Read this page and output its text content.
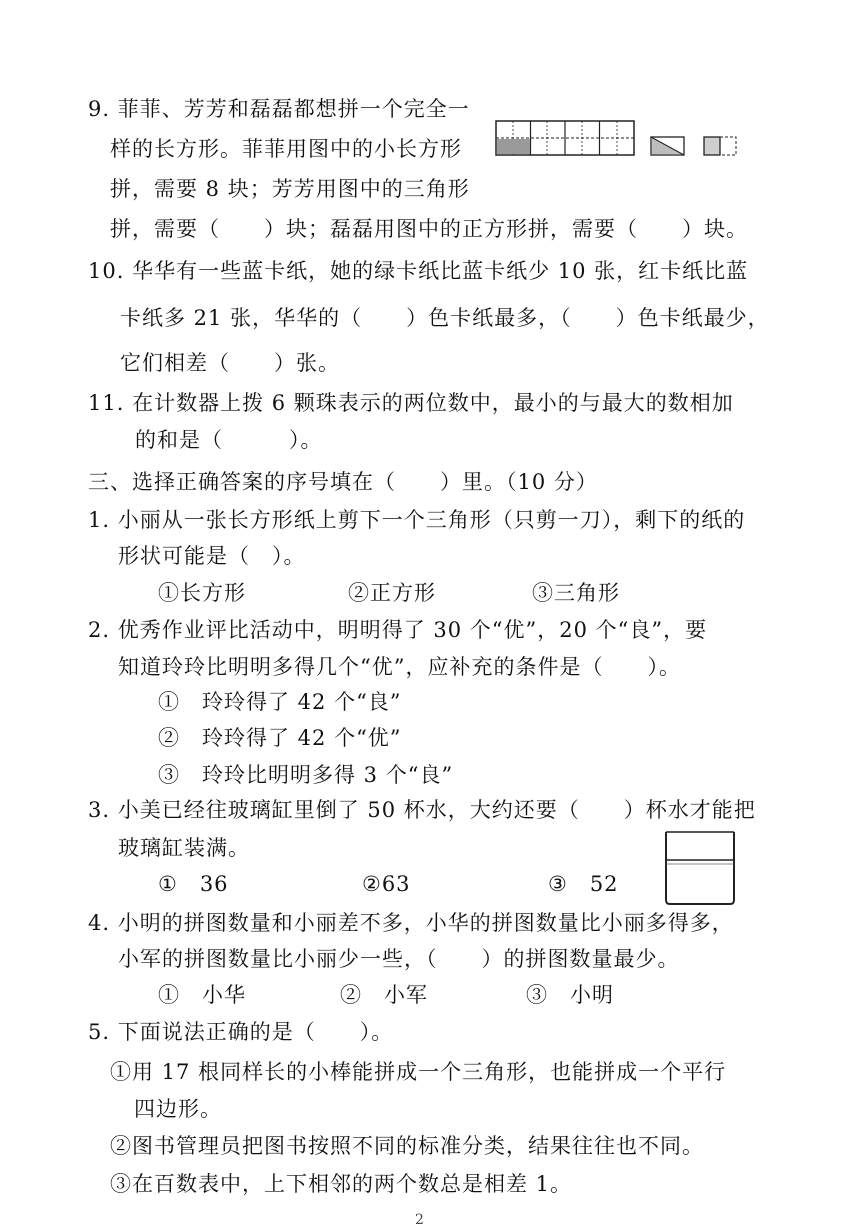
9. 菲菲、芳芳和磊磊都想拼一个完全一
样的长方形。菲菲用图中的小长方形
拼，需要 8 块；芳芳用图中的三角形
拼，需要（　　）块；磊磊用图中的正方形拼，需要（　　）块。
10. 华华有一些蓝卡纸，她的绿卡纸比蓝卡纸少 10 张，红卡纸比蓝
卡纸多 21 张，华华的（　　）色卡纸最多，（　　）色卡纸最少，
它们相差（　　）张。
11. 在计数器上拨 6 颗珠表示的两位数中，最小的与最大的数相加
的和是（　　　）。
三、选择正确答案的序号填在（　　）里。（10 分）
1. 小丽从一张长方形纸上剪下一个三角形（只剪一刀），剩下的纸的
形状可能是（　）。
①长方形	②正方形	③三角形
2. 优秀作业评比活动中，明明得了 30 个“优”，20 个“良”，要
知道玲玲比明明多得几个“优”，应补充的条件是（　　）。
①　玲玲得了 42 个“良”
②　玲玲得了 42 个“优”
③　玲玲比明明多得 3 个“良”
3. 小美已经往玻璃缸里倒了 50 杯水，大约还要（　　）杯水才能把
玻璃缸装满。
①　36	②63	③　52
4. 小明的拼图数量和小丽差不多，小华的拼图数量比小丽多得多，
小军的拼图数量比小丽少一些，（　　）的拼图数量最少。
①　小华	②　小军	③　小明
5. 下面说法正确的是（　　）。
①用 17 根同样长的小棒能拼成一个三角形，也能拼成一个平行
四边形。
②图书管理员把图书按照不同的标准分类，结果往往也不同。
③在百数表中，上下相邻的两个数总是相差 1。
2
